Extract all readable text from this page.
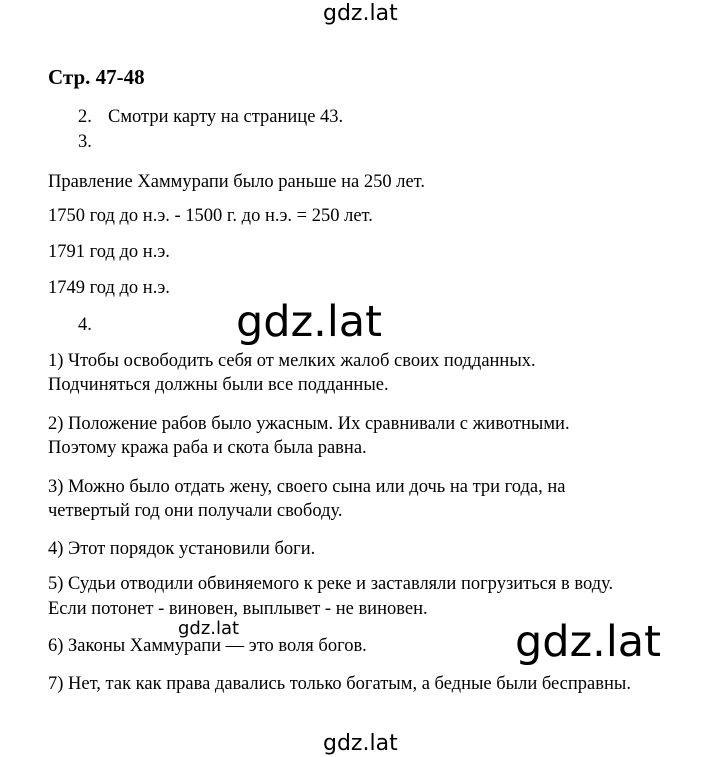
gdz.lat
gdz.lat
gdz.lat	gdz.lat
gdz.lat
Стр. 47-48
2. Смотри карту на странице 43.
3.
Правление Хаммурапи было раньше на 250 лет.
1750 год до н.э. - 1500 г. до н.э. = 250 лет.
1791 год до н.э.
1749 год до н.э.
4.
1) Чтобы освободить себя от мелких жалоб своих подданных.
Подчиняться должны были все подданные.
2) Положение рабов было ужасным. Их сравнивали с животными.
Поэтому кража раба и скота была равна.
3) Можно было отдать жену, своего сына или дочь на три года, на
четвертый год они получали свободу.
4) Этот порядок установили боги.
5) Судьи отводили обвиняемого к реке и заставляли погрузиться в воду.
Если потонет - виновен, выплывет - не виновен.
6) Законы Хаммурапи — это воля богов.
7) Нет, так как права давались только богатым, а бедные были бесправны.
